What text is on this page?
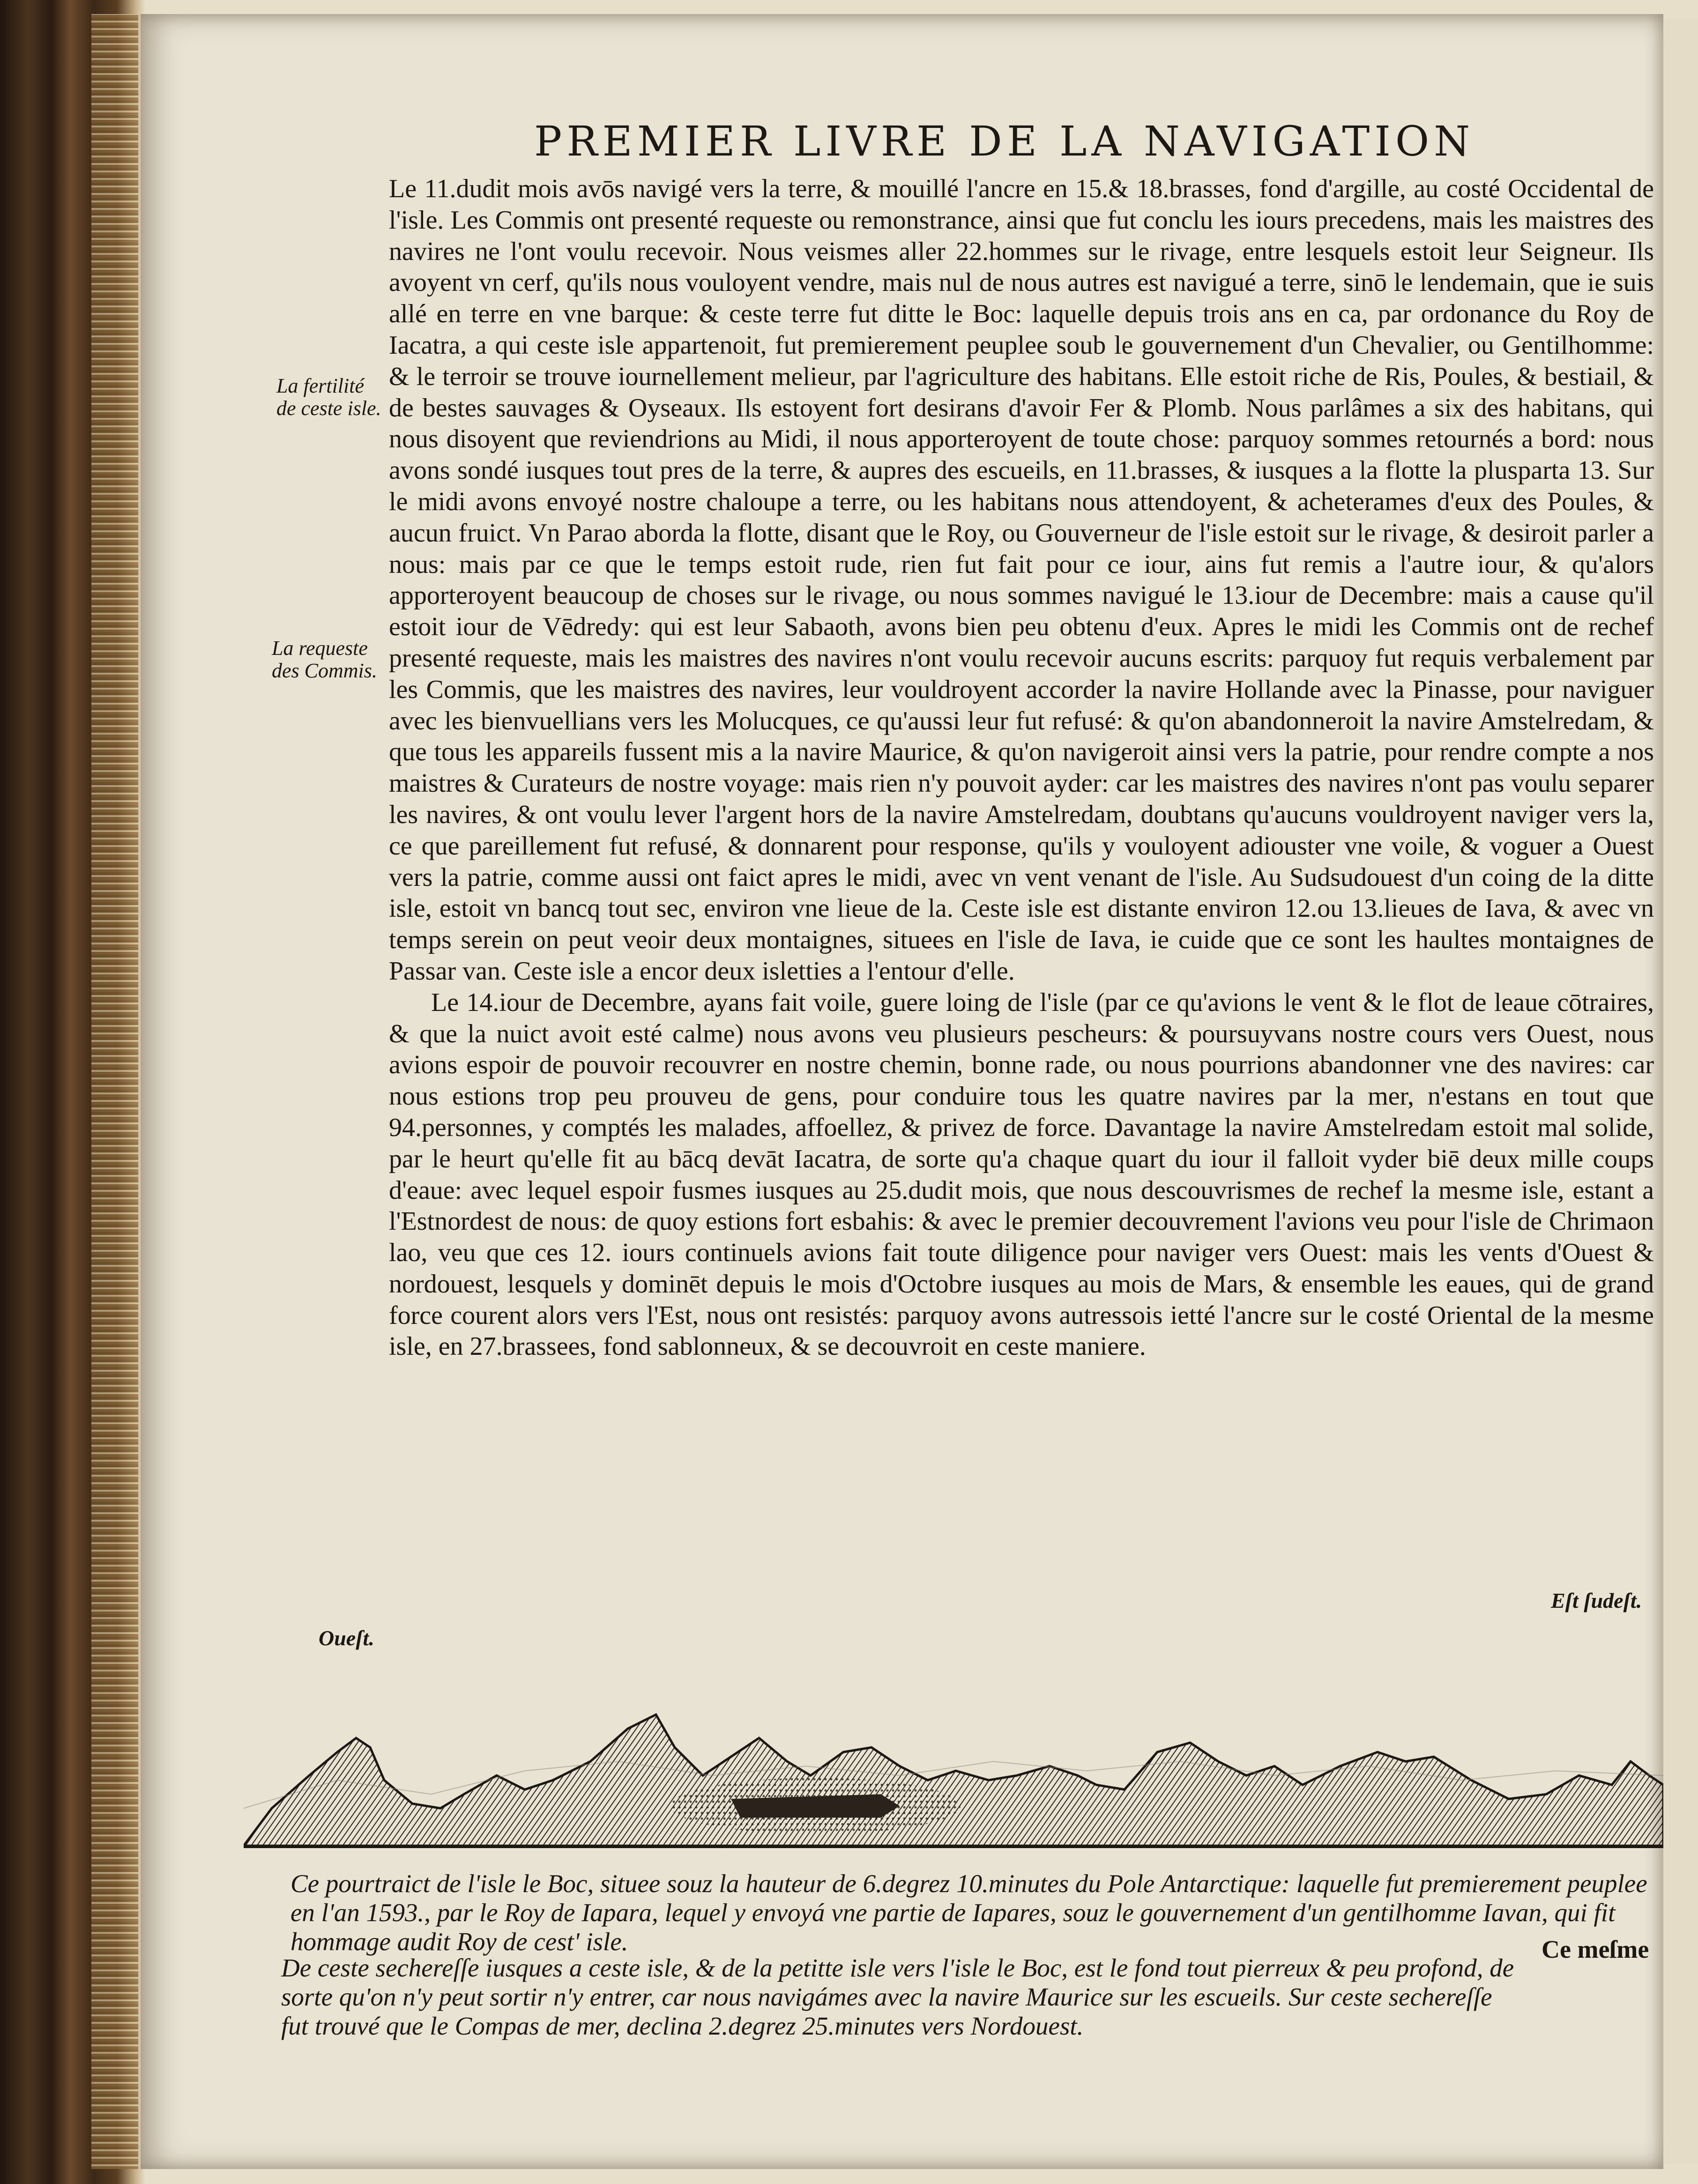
PREMIER LIVRE DE LA NAVIGATION
La fertilité de ceste isle.
La requeste des Commis.

Le 11.dudit mois avōs navigé vers la terre, & mouillé l'ancre en 15.& 18.brasses, fond d'argille, au costé Occidental de l'isle. Les Commis ont presenté requeste ou remonstrance, ainsi que fut conclu les iours precedens, mais les maistres des navires ne l'ont voulu recevoir. Nous veismes aller 22.hommes sur le rivage, entre lesquels estoit leur Seigneur. Ils avoyent vn cerf, qu'ils nous vouloyent vendre, mais nul de nous autres est navigué a terre, sinō le lendemain, que ie suis allé en terre en vne barque: & ceste terre fut ditte le Boc: laquelle depuis trois ans en ca, par ordonance du Roy de Iacatra, a qui ceste isle appartenoit, fut premierement peuplee soub le gouvernement d'un Chevalier, ou Gentilhomme: & le terroir se trouve iournellement melieur, par l'agriculture des habitans. Elle estoit riche de Ris, Poules, & bestiail, & de bestes sauvages & Oyseaux. Ils estoyent fort desirans d'avoir Fer & Plomb. Nous parlâmes a six des habitans, qui nous disoyent que reviendrions au Midi, il nous apporteroyent de toute chose: parquoy sommes retournés a bord: nous avons sondé iusques tout pres de la terre, & aupres des escueils, en 11.brasses, & iusques a la flotte la plusparta 13. Sur le midi avons envoyé nostre chaloupe a terre, ou les habitans nous attendoyent, & acheterames d'eux des Poules, & aucun fruict. Vn Parao aborda la flotte, disant que le Roy, ou Gouverneur de l'isle estoit sur le rivage, & desiroit parler a nous: mais par ce que le temps estoit rude, rien fut fait pour ce iour, ains fut remis a l'autre iour, & qu'alors apporteroyent beaucoup de choses sur le rivage, ou nous sommes navigué le 13.iour de Decembre: mais a cause qu'il estoit iour de Vēdredy: qui est leur Sabaoth, avons bien peu obtenu d'eux. Apres le midi les Commis ont de rechef presenté requeste, mais les maistres des navires n'ont voulu recevoir aucuns escrits: parquoy fut requis verbalement par les Commis, que les maistres des navires, leur vouldroyent accorder la navire Hollande avec la Pinasse, pour naviguer avec les bienvuellians vers les Molucques, ce qu'aussi leur fut refusé: & qu'on abandonneroit la navire Amstelredam, & que tous les appareils fussent mis a la navire Maurice, & qu'on navigeroit ainsi vers la patrie, pour rendre compte a nos maistres & Curateurs de nostre voyage: mais rien n'y pouvoit ayder: car les maistres des navires n'ont pas voulu separer les navires, & ont voulu lever l'argent hors de la navire Amstelredam, doubtans qu'aucuns vouldroyent naviger vers la, ce que pareillement fut refusé, & donnarent pour response, qu'ils y vouloyent adiouster vne voile, & voguer a Ouest vers la patrie, comme aussi ont faict apres le midi, avec vn vent venant de l'isle. Au Sudsudouest d'un coing de la ditte isle, estoit vn bancq tout sec, environ vne lieue de la. Ceste isle est distante environ 12.ou 13.lieues de Iava, & avec vn temps serein on peut veoir deux montaignes, situees en l'isle de Iava, ie cuide que ce sont les haultes montaignes de Passar van. Ceste isle a encor deux isletties a l'entour d'elle.

Le 14.iour de Decembre, ayans fait voile, guere loing de l'isle (par ce qu'avions le vent & le flot de leaue cōtraires, & que la nuict avoit esté calme) nous avons veu plusieurs pescheurs: & poursuyvans nostre cours vers Ouest, nous avions espoir de pouvoir recouvrer en nostre chemin, bonne rade, ou nous pourrions abandonner vne des navires: car nous estions trop peu prouveu de gens, pour conduire tous les quatre navires par la mer, n'estans en tout que 94.personnes, y comptés les malades, affoellez, & privez de force. Davantage la navire Amstelredam estoit mal solide, par le heurt qu'elle fit au bācq devāt Iacatra, de sorte qu'a chaque quart du iour il falloit vyder biē deux mille coups d'eaue: avec lequel espoir fusmes iusques au 25.dudit mois, que nous descouvrismes de rechef la mesme isle, estant a l'Estnordest de nous: de quoy estions fort esbahis: & avec le premier decouvrement l'avions veu pour l'isle de Chrimaon lao, veu que ces 12. iours continuels avions fait toute diligence pour naviger vers Ouest: mais les vents d'Ouest & nordouest, lesquels y dominēt depuis le mois d'Octobre iusques au mois de Mars, & ensemble les eaues, qui de grand force courent alors vers l'Est, nous ont resistés: parquoy avons autressois ietté l'ancre sur le costé Oriental de la mesme isle, en 27.brassees, fond sablonneux, & se decouvroit en ceste maniere.

Oueſt.
Eſt ſudeſt.
Ce pourtraict de l'isle le Boc, situee souz la hauteur de 6.degrez 10.minutes du Pole Antarctique: laquelle fut premierement peuplee en l'an 1593., par le Roy de Iapara, lequel y envoyá vne partie de Iapares, souz le gouvernement d'un gentilhomme Iavan, qui fit hommage audit Roy de cest' isle.
De ceste sechereſſe iusques a ceste isle, & de la petitte isle vers l'isle le Boc, est le fond tout pierreux & peu profond, de sorte qu'on n'y peut sortir n'y entrer, car nous navigámes avec la navire Maurice sur les escueils. Sur ceste sechereſſe fut trouvé que le Compas de mer, declina 2.degrez 25.minutes vers Nordouest.
Ce meſme
